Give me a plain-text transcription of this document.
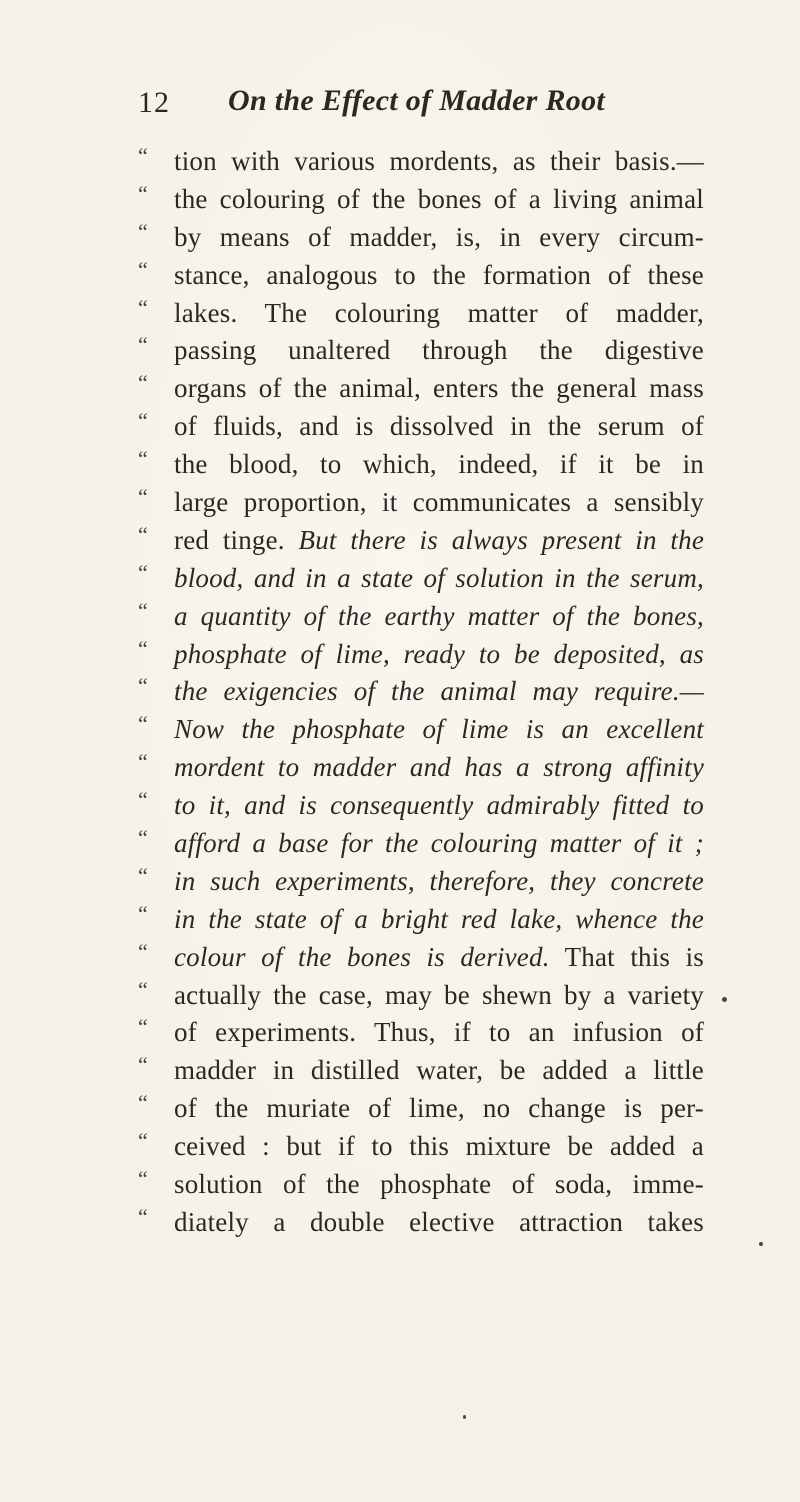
12 On the Effect of Madder Root
“ tion with various mordents, as their basis.—
“ the colouring of the bones of a living animal
“ by means of madder, is, in every circum-
“ stance, analogous to the formation of these
“ lakes. The colouring matter of madder,
“ passing unaltered through the digestive
“ organs of the animal, enters the general mass
“ of fluids, and is dissolved in the serum of
“ the blood, to which, indeed, if it be in
“ large proportion, it communicates a sensibly
“ red tinge. But there is always present in the
“ blood, and in a state of solution in the serum,
“ a quantity of the earthy matter of the bones,
“ phosphate of lime, ready to be deposited, as
“ the exigencies of the animal may require.—
“ Now the phosphate of lime is an excellent
“ mordent to madder and has a strong affinity
“ to it, and is consequently admirably fitted to
“ afford a base for the colouring matter of it ;
“ in such experiments, therefore, they concrete
“ in the state of a bright red lake, whence the
“ colour of the bones is derived. That this is
“ actually the case, may be shewn by a variety
“ of experiments. Thus, if to an infusion of
“ madder in distilled water, be added a little
“ of the muriate of lime, no change is per-
“ ceived : but if to this mixture be added a
“ solution of the phosphate of soda, imme-
“ diately a double elective attraction takes
